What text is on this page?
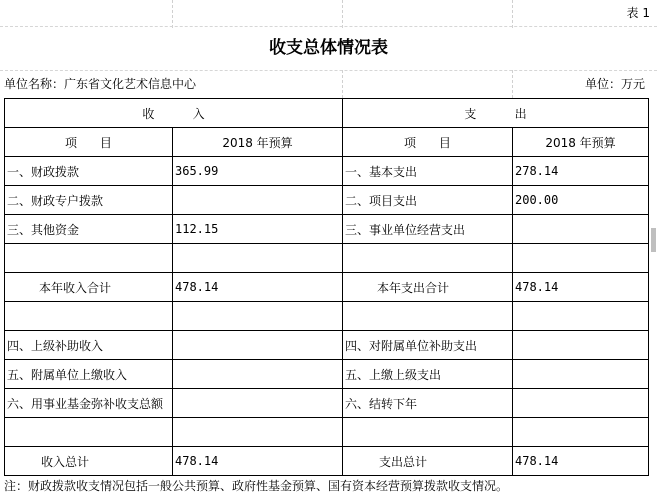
表 1
收支总体情况表
单位名称：广东省文化艺术信息中心	单位：万元
收          入		支          出	
项      目	2018 年预算	项      目	2018 年预算
一、财政拨款	365.99	一、基本支出	278.14
二、财政专户拨款		二、项目支出	200.00
三、其他资金	112.15	三、事业单位经营支出	

本年收入合计	478.14	本年支出合计	478.14

四、上级补助收入		四、对附属单位补助支出	
五、附属单位上缴收入		五、上缴上级支出	
六、用事业基金弥补收支总额		六、结转下年	

收入总计	478.14	支出总计	478.14
注：财政拨款收支情况包括一般公共预算、政府性基金预算、国有资本经营预算拨款收支情况。
